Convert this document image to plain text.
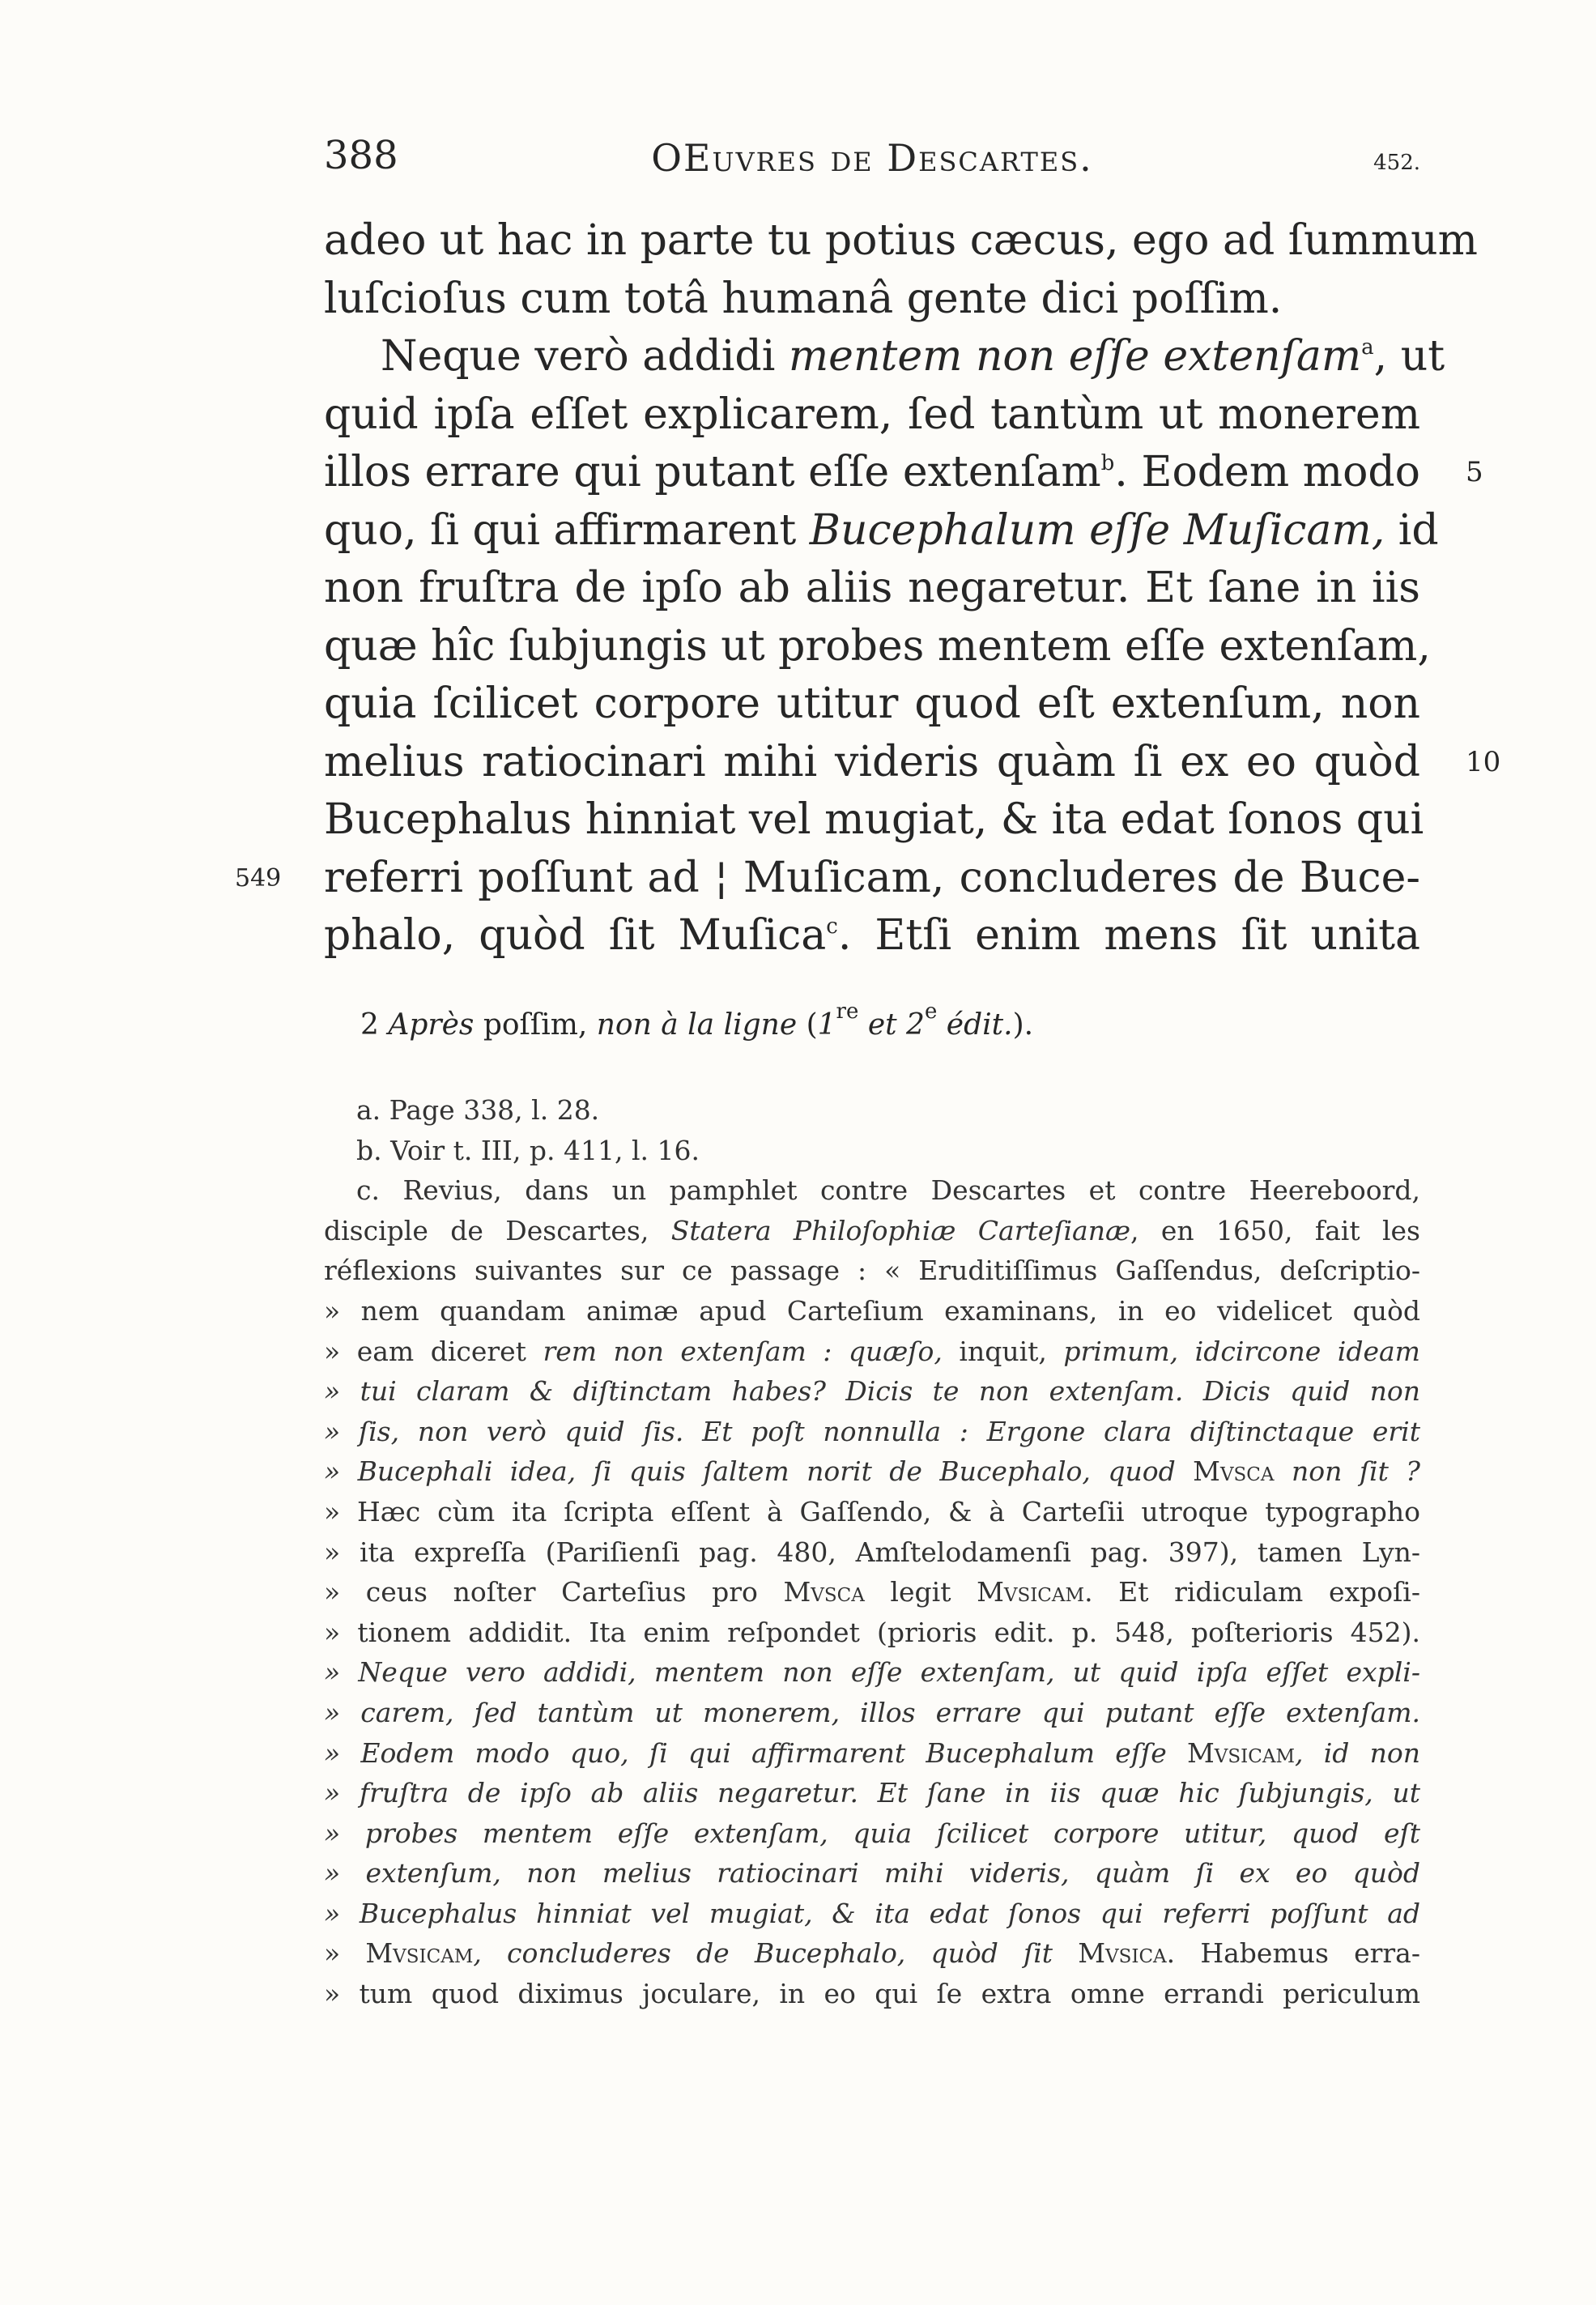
388	OEuvres de Descartes.	452.
adeo ut hac in parte tu potius cæcus, ego ad ſummum
luſcioſus cum totâ humanâ gente dici poſſim.
Neque verò addidi mentem non eſſe extenſam$^a$, ut
quid ipſa eſſet explicarem, ſed tantùm ut monerem
illos errare qui putant eſſe extenſam$^b$. Eodem modo 5
quo, ſi qui affirmarent Bucephalum eſſe Muſicam, id
non fruſtra de ipſo ab aliis negaretur. Et ſane in iis
quæ hîc ſubjungis ut probes mentem eſſe extenſam,
quia ſcilicet corpore utitur quod eſt extenſum, non
melius ratiocinari mihi videris quàm ſi ex eo quòd 10
Bucephalus hinniat vel mugiat, & ita edat ſonos qui
549 referri poſſunt ad ¦ Muſicam, concluderes de Buce-
phalo, quòd ſit Muſica$^c$. Etſi enim mens ſit unita
2 Après poſſim, non à la ligne (1re et 2e édit.).
a. Page 338, l. 28.
b. Voir t. III, p. 411, l. 16.
c. Revius, dans un pamphlet contre Descartes et contre Heereboord,
disciple de Descartes, Statera Philoſophiæ Carteſianæ, en 1650, fait les
réflexions suivantes sur ce passage : « Eruditiſſimus Gaſſendus, deſcriptio-
» nem quandam animæ apud Carteſium examinans, in eo videlicet quòd
» eam diceret rem non extenſam : quæſo, inquit, primum, idcircone ideam
» tui claram & diſtinctam habes? Dicis te non extenſam. Dicis quid non
» ſis, non verò quid ſis. Et poſt nonnulla : Ergone clara diſtinctaque erit
» Bucephali idea, ſi quis ſaltem norit de Bucephalo, quod Mvsca non ſit ?
» Hæc cùm ita ſcripta eſſent à Gaſſendo, & à Carteſii utroque typographo
» ita expreſſa (Pariſienſi pag. 480, Amſtelodamenſi pag. 397), tamen Lyn-
» ceus noſter Carteſius pro Mvsca legit Mvsicam. Et ridiculam expoſi-
» tionem addidit. Ita enim reſpondet (prioris edit. p. 548, poſterioris 452).
» Neque vero addidi, mentem non eſſe extenſam, ut quid ipſa eſſet expli-
» carem, ſed tantùm ut monerem, illos errare qui putant eſſe extenſam.
» Eodem modo quo, ſi qui affirmarent Bucephalum eſſe Mvsicam, id non
» fruſtra de ipſo ab aliis negaretur. Et ſane in iis quæ hic ſubjungis, ut
» probes mentem eſſe extenſam, quia ſcilicet corpore utitur, quod eſt
» extenſum, non melius ratiocinari mihi videris, quàm ſi ex eo quòd
» Bucephalus hinniat vel mugiat, & ita edat ſonos qui referri poſſunt ad
» Mvsicam, concluderes de Bucephalo, quòd ſit Mvsica. Habemus erra-
» tum quod diximus joculare, in eo qui ſe extra omne errandi periculum
